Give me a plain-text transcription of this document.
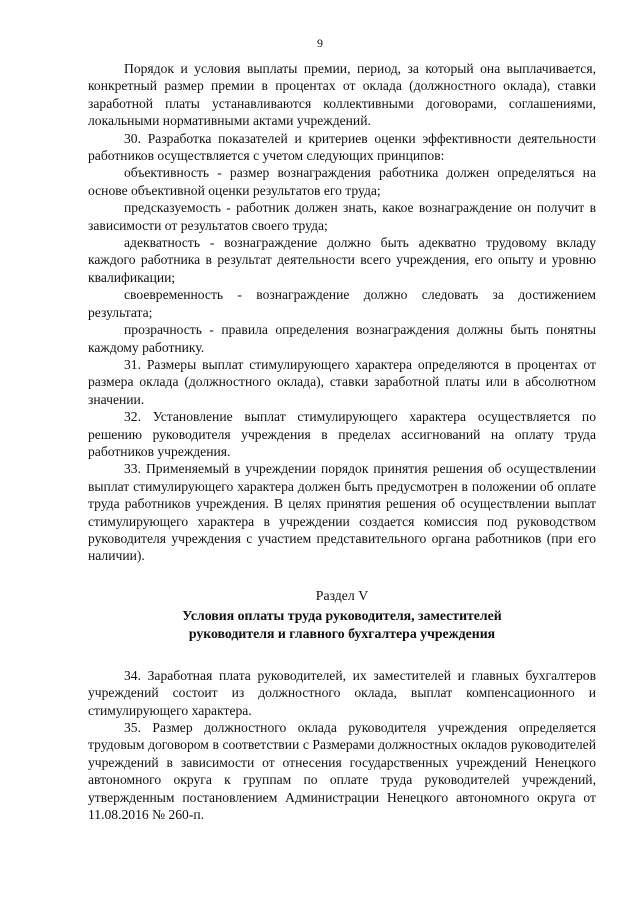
9

Порядок и условия выплаты премии, период, за который она выплачивается, конкретный размер премии в процентах от оклада (должностного оклада), ставки заработной платы устанавливаются коллективными договорами, соглашениями, локальными нормативными актами учреждений.

30. Разработка показателей и критериев оценки эффективности деятельности работников осуществляется с учетом следующих принципов:

объективность - размер вознаграждения работника должен определяться на основе объективной оценки результатов его труда;

предсказуемость - работник должен знать, какое вознаграждение он получит в зависимости от результатов своего труда;

адекватность - вознаграждение должно быть адекватно трудовому вкладу каждого работника в результат деятельности всего учреждения, его опыту и уровню квалификации;

своевременность - вознаграждение должно следовать за достижением результата;

прозрачность - правила определения вознаграждения должны быть понятны каждому работнику.

31. Размеры выплат стимулирующего характера определяются в процентах от размера оклада (должностного оклада), ставки заработной платы или в абсолютном значении.

32. Установление выплат стимулирующего характера осуществляется по решению руководителя учреждения в пределах ассигнований на оплату труда работников учреждения.

33. Применяемый в учреждении порядок принятия решения об осуществлении выплат стимулирующего характера должен быть предусмотрен в положении об оплате труда работников учреждения. В целях принятия решения об осуществлении выплат стимулирующего характера в учреждении создается комиссия под руководством руководителя учреждения с участием представительного органа работников (при его наличии).

Раздел V
Условия оплаты труда руководителя, заместителей
руководителя и главного бухгалтера учреждения

34. Заработная плата руководителей, их заместителей и главных бухгалтеров учреждений состоит из должностного оклада, выплат компенсационного и стимулирующего характера.

35. Размер должностного оклада руководителя учреждения определяется трудовым договором в соответствии с Размерами должностных окладов руководителей учреждений в зависимости от отнесения государственных учреждений Ненецкого автономного округа к группам по оплате труда руководителей учреждений, утвержденным постановлением Администрации Ненецкого автономного округа от 11.08.2016 № 260-п.
